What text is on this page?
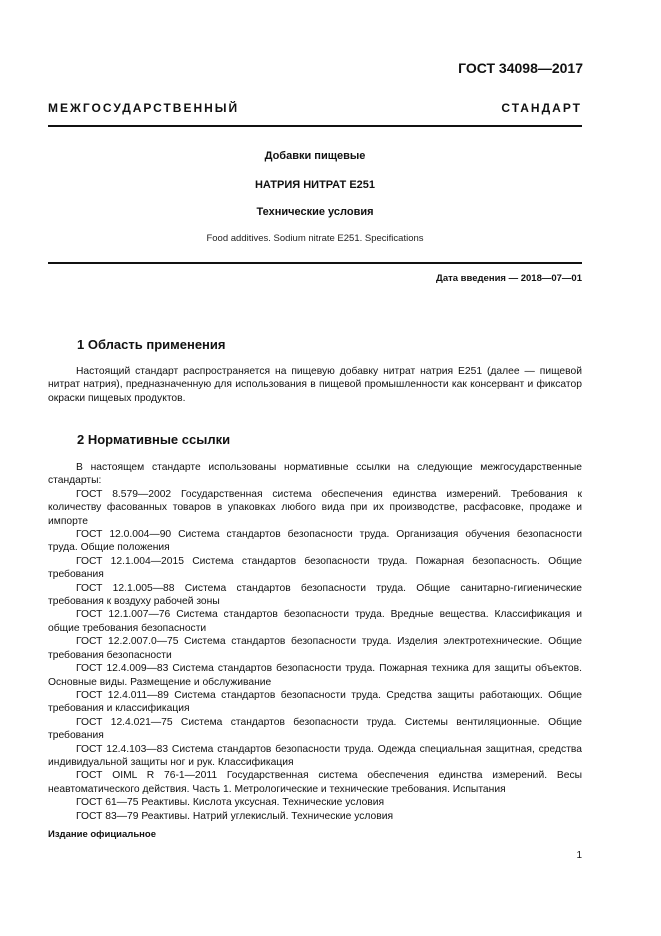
ГОСТ 34098—2017
МЕЖГОСУДАРСТВЕННЫЙ СТАНДАРТ
Добавки пищевые
НАТРИЯ НИТРАТ Е251
Технические условия
Food additives. Sodium nitrate E251. Specifications
Дата введения — 2018—07—01
1 Область применения

Настоящий стандарт распространяется на пищевую добавку нитрат натрия Е251 (далее — пищевой нитрат натрия), предназначенную для использования в пищевой промышленности как консервант и фиксатор окраски пищевых продуктов.

2 Нормативные ссылки

В настоящем стандарте использованы нормативные ссылки на следующие межгосударственные стандарты:

ГОСТ 8.579—2002 Государственная система обеспечения единства измерений. Требования к количеству фасованных товаров в упаковках любого вида при их производстве, расфасовке, продаже и импорте

ГОСТ 12.0.004—90 Система стандартов безопасности труда. Организация обучения безопасности труда. Общие положения

ГОСТ 12.1.004—2015 Система стандартов безопасности труда. Пожарная безопасность. Общие требования

ГОСТ 12.1.005—88 Система стандартов безопасности труда. Общие санитарно-гигиенические требования к воздуху рабочей зоны

ГОСТ 12.1.007—76 Система стандартов безопасности труда. Вредные вещества. Классификация и общие требования безопасности

ГОСТ 12.2.007.0—75 Система стандартов безопасности труда. Изделия электротехнические. Общие требования безопасности

ГОСТ 12.4.009—83 Система стандартов безопасности труда. Пожарная техника для защиты объектов. Основные виды. Размещение и обслуживание

ГОСТ 12.4.011—89 Система стандартов безопасности труда. Средства защиты работающих. Общие требования и классификация

ГОСТ 12.4.021—75 Система стандартов безопасности труда. Системы вентиляционные. Общие требования

ГОСТ 12.4.103—83 Система стандартов безопасности труда. Одежда специальная защитная, средства индивидуальной защиты ног и рук. Классификация

ГОСТ OIML R 76-1—2011 Государственная система обеспечения единства измерений. Весы неавтоматического действия. Часть 1. Метрологические и технические требования. Испытания

ГОСТ 61—75 Реактивы. Кислота уксусная. Технические условия

ГОСТ 83—79 Реактивы. Натрий углекислый. Технические условия

Издание официальное
1
